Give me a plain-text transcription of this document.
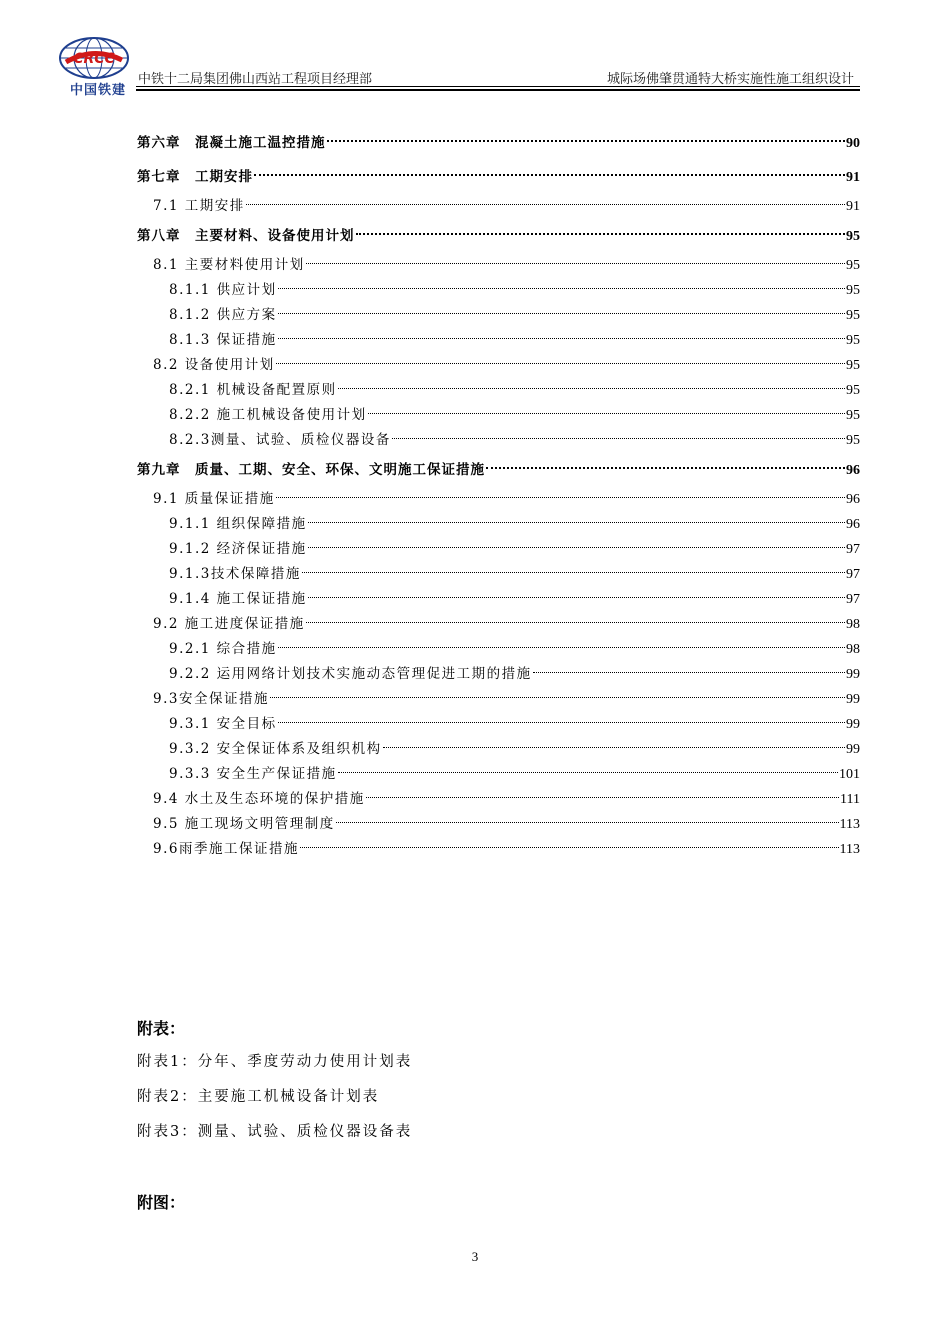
CRCC
中国铁建
中铁十二局集团佛山西站工程项目经理部	城际场佛肇贯通特大桥实施性施工组织设计
第六章　混凝土施工温控措施	90
第七章　工期安排	91
7.1 工期安排	91
第八章　主要材料、设备使用计划	95
8.1 主要材料使用计划	95
8.1.1 供应计划	95
8.1.2 供应方案	95
8.1.3 保证措施	95
8.2 设备使用计划	95
8.2.1 机械设备配置原则	95
8.2.2 施工机械设备使用计划	95
8.2.3测量、试验、质检仪器设备	95
第九章　质量、工期、安全、环保、文明施工保证措施	96
9.1 质量保证措施	96
9.1.1 组织保障措施	96
9.1.2 经济保证措施	97
9.1.3技术保障措施	97
9.1.4 施工保证措施	97
9.2 施工进度保证措施	98
9.2.1 综合措施	98
9.2.2 运用网络计划技术实施动态管理促进工期的措施	99
9.3安全保证措施	99
9.3.1 安全目标	99
9.3.2 安全保证体系及组织机构	99
9.3.3 安全生产保证措施	101
9.4 水土及生态环境的保护措施	111
9.5 施工现场文明管理制度	113
9.6雨季施工保证措施	113
附表：
附表1：分年、季度劳动力使用计划表
附表2：主要施工机械设备计划表
附表3：测量、试验、质检仪器设备表
附图：
3
